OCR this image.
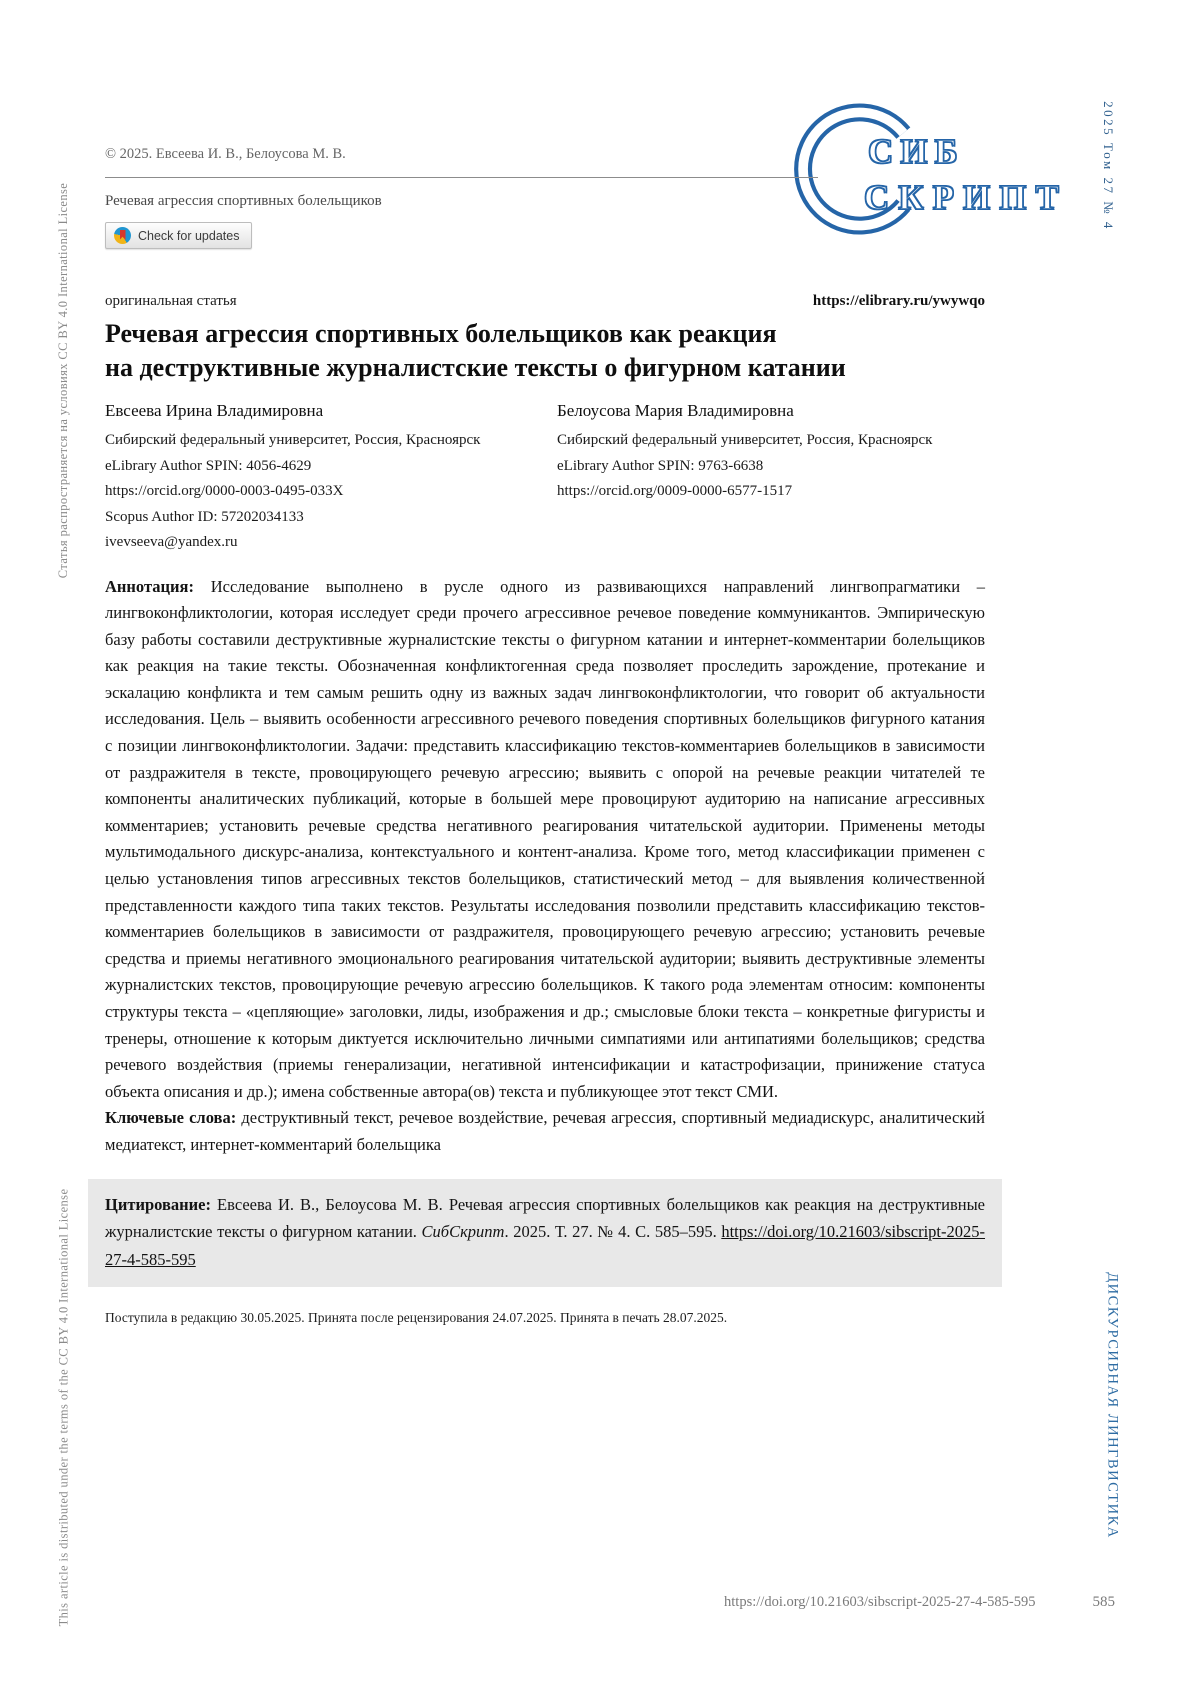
Статья распространяется на условиях CC BY 4.0 International License
This article is distributed under the terms of the CC BY 4.0 International License
2025 Том 27 № 4
ДИСКУРСИВНАЯ ЛИНГВИСТИКА
СИБ
СКРИПТ
© 2025. Евсеева И. В., Белоусова М. В.
Речевая агрессия спортивных болельщиков
Check for updates
оригинальная статья	https://elibrary.ru/ywywqo
Речевая агрессия спортивных болельщиков как реакция
на деструктивные журналистские тексты о фигурном катании
Евсеева Ирина Владимировна
Сибирский федеральный университет, Россия, Красноярск
eLibrary Author SPIN: 4056-4629
https://orcid.org/0000-0003-0495-033X
Scopus Author ID: 57202034133
ivevseeva@yandex.ru
Белоусова Мария Владимировна
Сибирский федеральный университет, Россия, Красноярск
eLibrary Author SPIN: 9763-6638
https://orcid.org/0009-0000-6577-1517

Аннотация: Исследование выполнено в русле одного из развивающихся направлений лингвопрагматики – лингвоконфликтологии, которая исследует среди прочего агрессивное речевое поведение коммуникантов. Эмпирическую базу работы составили деструктивные журналистские тексты о фигурном катании и интернет-комментарии болельщиков как реакция на такие тексты. Обозначенная конфликтогенная среда позволяет проследить зарождение, протекание и эскалацию конфликта и тем самым решить одну из важных задач лингвоконфликтологии, что говорит об актуальности исследования. Цель – выявить особенности агрессивного речевого поведения спортивных болельщиков фигурного катания с позиции лингвоконфликтологии. Задачи: представить классификацию текстов-комментариев болельщиков в зависимости от раздражителя в тексте, провоцирующего речевую агрессию; выявить с опорой на речевые реакции читателей те компоненты аналитических публикаций, которые в большей мере провоцируют аудиторию на написание агрессивных комментариев; установить речевые средства негативного реагирования читательской аудитории. Применены методы мультимодального дискурс-анализа, контекстуального и контент-анализа. Кроме того, метод классификации применен с целью установления типов агрессивных текстов болельщиков, статистический метод – для выявления количественной представленности каждого типа таких текстов. Результаты исследования позволили представить классификацию текстов-комментариев болельщиков в зависимости от раздражителя, провоцирующего речевую агрессию; установить речевые средства и приемы негативного эмоционального реагирования читательской аудитории; выявить деструктивные элементы журналистских текстов, провоцирующие речевую агрессию болельщиков. К такого рода элементам относим: компоненты структуры текста – «цепляющие» заголовки, лиды, изображения и др.; смысловые блоки текста – конкретные фигуристы и тренеры, отношение к которым диктуется исключительно личными симпатиями или антипатиями болельщиков; средства речевого воздействия (приемы генерализации, негативной интенсификации и катастрофизации, принижение статуса объекта описания и др.); имена собственные автора(ов) текста и публикующее этот текст СМИ.

Ключевые слова: деструктивный текст, речевое воздействие, речевая агрессия, спортивный медиадискурс, аналитический медиатекст, интернет-комментарий болельщика

Цитирование: Евсеева И. В., Белоусова М. В. Речевая агрессия спортивных болельщиков как реакция на деструктивные журналистские тексты о фигурном катании. СибСкрипт. 2025. Т. 27. № 4. С. 585–595. https://doi.org/10.21603/sibscript-2025-27-4-585-595
Поступила в редакцию 30.05.2025. Принята после рецензирования 24.07.2025. Принята в печать 28.07.2025.
https://doi.org/10.21603/sibscript-2025-27-4-585-595	585
